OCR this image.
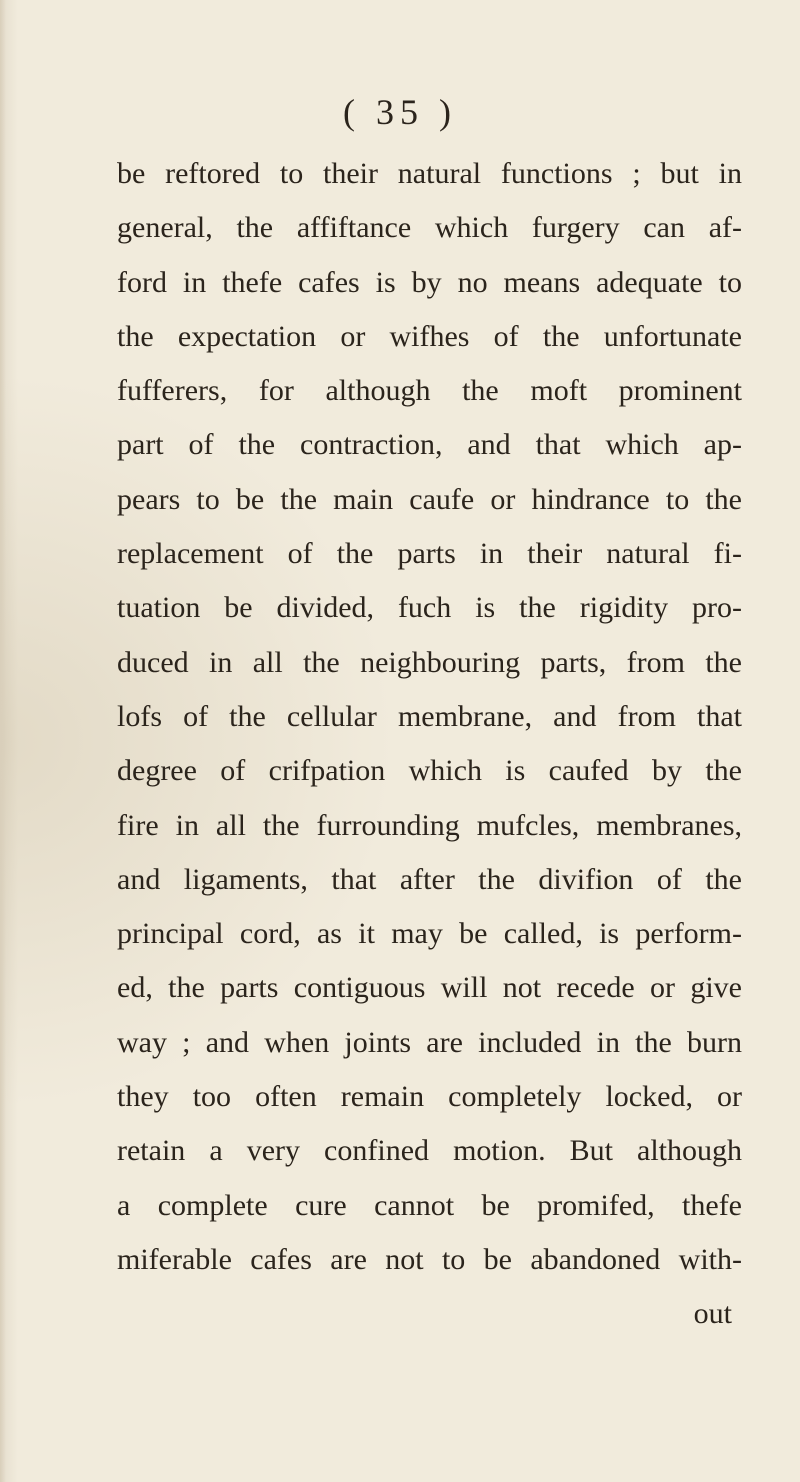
( 35 )
be reftored to their natural functions ; but in
general, the affiftance which furgery can af-
ford in thefe cafes is by no means adequate to
the expectation or wifhes of the unfortunate
fufferers, for although the moft prominent
part of the contraction, and that which ap-
pears to be the main caufe or hindrance to the
replacement of the parts in their natural fi-
tuation be divided, fuch is the rigidity pro-
duced in all the neighbouring parts, from the
lofs of the cellular membrane, and from that
degree of crifpation which is caufed by the
fire in all the furrounding mufcles, membranes,
and ligaments, that after the divifion of the
principal cord, as it may be called, is perform-
ed, the parts contiguous will not recede or give
way ; and when joints are included in the burn
they too often remain completely locked, or
retain a very confined motion. But although
a complete cure cannot be promifed, thefe
miferable cafes are not to be abandoned with-
out
